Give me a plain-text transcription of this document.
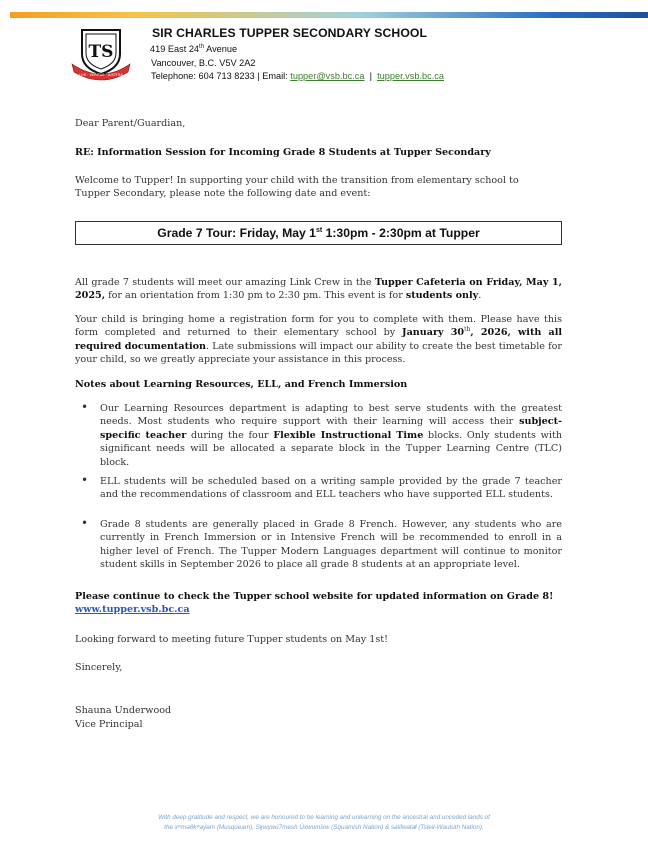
TS
LUX · VERITAS · JUSTITIA
SIR CHARLES TUPPER SECONDARY SCHOOL
419 East 24th Avenue
Vancouver, B.C. V5V 2A2
Telephone: 604 713 8233 | Email: tupper@vsb.bc.ca  |  tupper.vsb.bc.ca
Dear Parent/Guardian,
RE: Information Session for Incoming Grade 8 Students at Tupper Secondary
Welcome to Tupper! In supporting your child with the transition from elementary school to Tupper Secondary, please note the following date and event:
Grade 7 Tour: Friday, May 1st 1:30pm - 2:30pm at Tupper
All grade 7 students will meet our amazing Link Crew in the Tupper Cafeteria on Friday, May 1, 2025, for an orientation from 1:30 pm to 2:30 pm. This event is for students only.
Your child is bringing home a registration form for you to complete with them. Please have this form completed and returned to their elementary school by January 30th, 2026, with all required documentation. Late submissions will impact our ability to create the best timetable for your child, so we greatly appreciate your assistance in this process.
Notes about Learning Resources, ELL, and French Immersion
• Our Learning Resources department is adapting to best serve students with the greatest needs. Most students who require support with their learning will access their subject-specific teacher during the four Flexible Instructional Time blocks. Only students with significant needs will be allocated a separate block in the Tupper Learning Centre (TLC) block.
• ELL students will be scheduled based on a writing sample provided by the grade 7 teacher and the recommendations of classroom and ELL teachers who have supported ELL students.
• Grade 8 students are generally placed in Grade 8 French. However, any students who are currently in French Immersion or in Intensive French will be recommended to enroll in a higher level of French. The Tupper Modern Languages department will continue to monitor student skills in September 2026 to place all grade 8 students at an appropriate level.
Please continue to check the Tupper school website for updated information on Grade 8!
www.tupper.vsb.bc.ca
Looking forward to meeting future Tupper students on May 1st!
Sincerely,
Shauna Underwood
Vice Principal
With deep gratitude and respect, we are honoured to be learning and unlearning on the ancestral and unceded lands of
the xʷməθkʷəy̓əm (Musqueam), Sḵwx̱wú7mesh Úxwumixw (Squamish Nation) & səlilwətaɬ (Tsleil-Waututh Nation).
